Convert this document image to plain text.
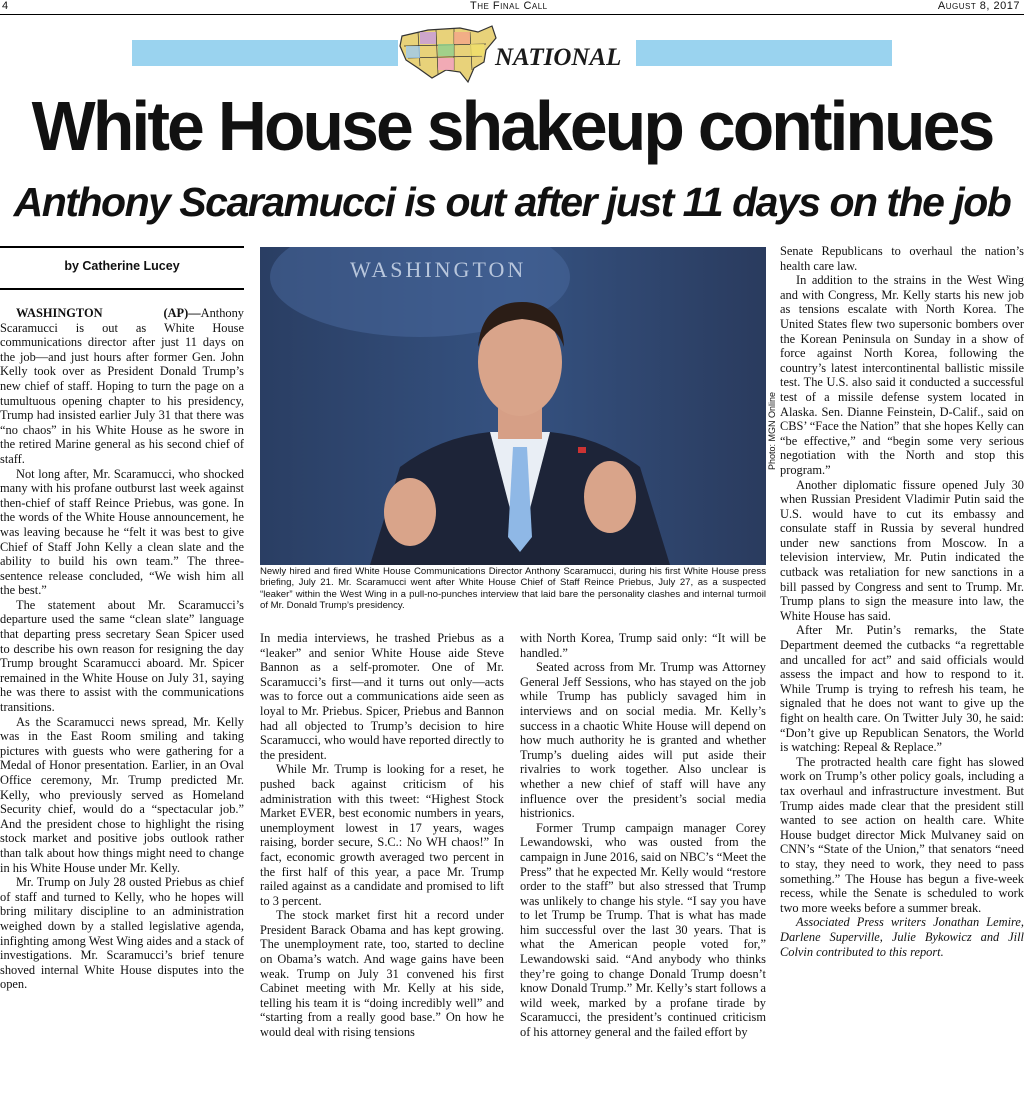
4	The Final Call	August 8, 2017
NATIONAL
White House shakeup continues
Anthony Scaramucci is out after just 11 days on the job
by Catherine Lucey

WASHINGTON (AP)—Anthony Scaramucci is out as White House communications director after just 11 days on the job—and just hours after former Gen. John Kelly took over as President Donald Trump’s new chief of staff. Hoping to turn the page on a tumultuous opening chapter to his presidency, Trump had insisted earlier July 31 that there was “no chaos” in his White House as he swore in the retired Marine general as his second chief of staff.

Not long after, Mr. Scaramucci, who shocked many with his profane outburst last week against then-chief of staff Reince Priebus, was gone. In the words of the White House announcement, he was leaving because he “felt it was best to give Chief of Staff John Kelly a clean slate and the ability to build his own team.” The three-sentence release concluded, “We wish him all the best.”

The statement about Mr. Scaramucci’s departure used the same “clean slate” language that departing press secretary Sean Spicer used to describe his own reason for resigning the day Trump brought Scaramucci aboard. Mr. Spicer remained in the White House on July 31, saying he was there to assist with the communications transitions.

As the Scaramucci news spread, Mr. Kelly was in the East Room smiling and taking pictures with guests who were gathering for a Medal of Honor presentation. Earlier, in an Oval Office ceremony, Mr. Trump predicted Mr. Kelly, who previously served as Homeland Security chief, would do a “spectacular job.” And the president chose to highlight the rising stock market and positive jobs outlook rather than talk about how things might need to change in his White House under Mr. Kelly.

Mr. Trump on July 28 ousted Priebus as chief of staff and turned to Kelly, who he hopes will bring military discipline to an administration weighed down by a stalled legislative agenda, infighting among West Wing aides and a stack of investigations. Mr. Scaramucci’s brief tenure shoved internal White House disputes into the open.

WASHINGTON
Photo: MGN Online
Newly hired and fired White House Communications Director Anthony Scaramucci, during his first White House press briefing, July 21. Mr. Scaramucci went after White House Chief of Staff Reince Priebus, July 27, as a suspected “leaker” within the West Wing in a pull-no-punches interview that laid bare the personality clashes and internal turmoil of Mr. Donald Trump’s presidency.

In media interviews, he trashed Priebus as a “leaker” and senior White House aide Steve Bannon as a self-promoter. One of Mr. Scaramucci’s first—and it turns out only—acts was to force out a communications aide seen as loyal to Mr. Priebus. Spicer, Priebus and Bannon had all objected to Trump’s decision to hire Scaramucci, who would have reported directly to the president.

While Mr. Trump is looking for a reset, he pushed back against criticism of his administration with this tweet: “Highest Stock Market EVER, best economic numbers in years, unemployment lowest in 17 years, wages raising, border secure, S.C.: No WH chaos!” In fact, economic growth averaged two percent in the first half of this year, a pace Mr. Trump railed against as a candidate and promised to lift to 3 percent.

The stock market first hit a record under President Barack Obama and has kept growing. The unemployment rate, too, started to decline on Obama’s watch. And wage gains have been weak. Trump on July 31 convened his first Cabinet meeting with Mr. Kelly at his side, telling his team it is “doing incredibly well” and “starting from a really good base.” On how he would deal with rising tensions

with North Korea, Trump said only: “It will be handled.”

Seated across from Mr. Trump was Attorney General Jeff Sessions, who has stayed on the job while Trump has publicly savaged him in interviews and on social media. Mr. Kelly’s success in a chaotic White House will depend on how much authority he is granted and whether Trump’s dueling aides will put aside their rivalries to work together. Also unclear is whether a new chief of staff will have any influence over the president’s social media histrionics.

Former Trump campaign manager Corey Lewandowski, who was ousted from the campaign in June 2016, said on NBC’s “Meet the Press” that he expected Mr. Kelly would “restore order to the staff” but also stressed that Trump was unlikely to change his style. “I say you have to let Trump be Trump. That is what has made him successful over the last 30 years. That is what the American people voted for,” Lewandowski said. “And anybody who thinks they’re going to change Donald Trump doesn’t know Donald Trump.” Mr. Kelly’s start follows a wild week, marked by a profane tirade by Scaramucci, the president’s continued criticism of his attorney general and the failed effort by

Senate Republicans to overhaul the nation’s health care law.

In addition to the strains in the West Wing and with Congress, Mr. Kelly starts his new job as tensions escalate with North Korea. The United States flew two supersonic bombers over the Korean Peninsula on Sunday in a show of force against North Korea, following the country’s latest intercontinental ballistic missile test. The U.S. also said it conducted a successful test of a missile defense system located in Alaska. Sen. Dianne Feinstein, D-Calif., said on CBS’ “Face the Nation” that she hopes Kelly can “be effective,” and “begin some very serious negotiation with the North and stop this program.”

Another diplomatic fissure opened July 30 when Russian President Vladimir Putin said the U.S. would have to cut its embassy and consulate staff in Russia by several hundred under new sanctions from Moscow. In a television interview, Mr. Putin indicated the cutback was retaliation for new sanctions in a bill passed by Congress and sent to Trump. Mr. Trump plans to sign the measure into law, the White House has said.

After Mr. Putin’s remarks, the State Department deemed the cutbacks “a regrettable and uncalled for act” and said officials would assess the impact and how to respond to it. While Trump is trying to refresh his team, he signaled that he does not want to give up the fight on health care. On Twitter July 30, he said: “Don’t give up Republican Senators, the World is watching: Repeal & Replace.”

The protracted health care fight has slowed work on Trump’s other policy goals, including a tax overhaul and infrastructure investment. But Trump aides made clear that the president still wanted to see action on health care. White House budget director Mick Mulvaney said on CNN’s “State of the Union,” that senators “need to stay, they need to work, they need to pass something.” The House has begun a five-week recess, while the Senate is scheduled to work two more weeks before a summer break.

Associated Press writers Jonathan Lemire, Darlene Superville, Julie Bykowicz and Jill Colvin contributed to this report.
